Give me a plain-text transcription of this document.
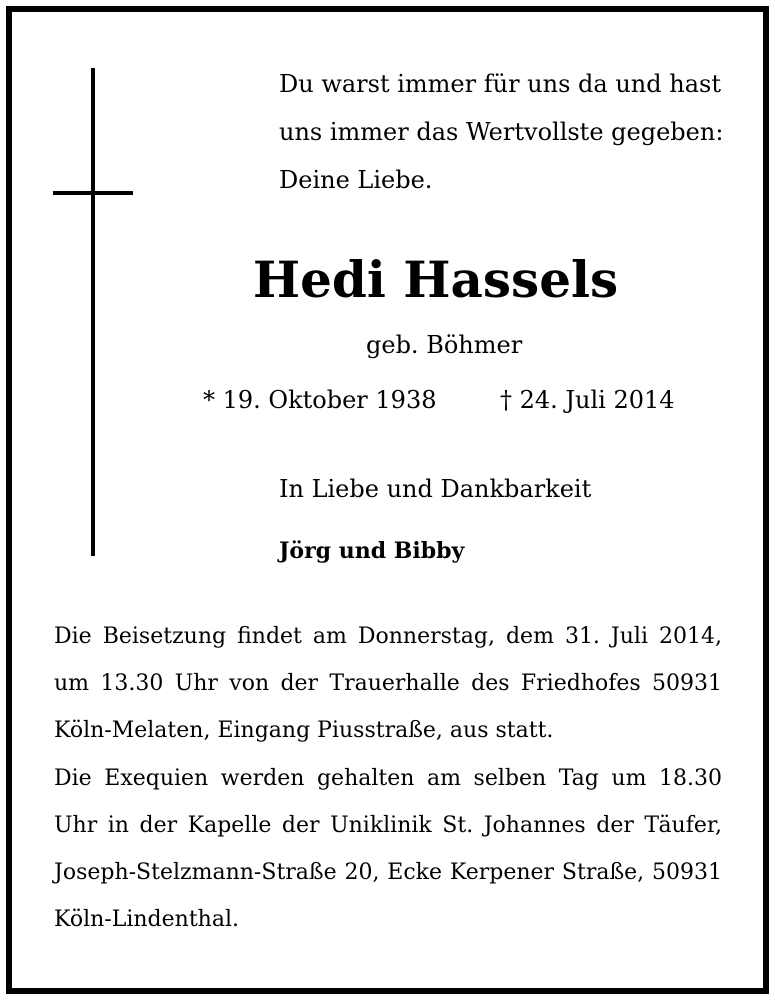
Du warst immer für uns da und hast
uns immer das Wertvollste gegeben:
Deine Liebe.
Hedi Hassels
geb. Böhmer
* 19. Oktober 1938	† 24. Juli 2014
In Liebe und Dankbarkeit
Jörg und Bibby

Die Beisetzung findet am Donnerstag, dem 31. Juli 2014, um 13.30 Uhr von der Trauerhalle des Friedhofes 50931 Köln-Melaten, Eingang Piusstraße, aus statt.

Die Exequien werden gehalten am selben Tag um 18.30 Uhr in der Kapelle der Uniklinik St. Johannes der Täufer, Joseph-Stelzmann-Straße 20, Ecke Kerpener Straße, 50931 Köln-Lindenthal.
